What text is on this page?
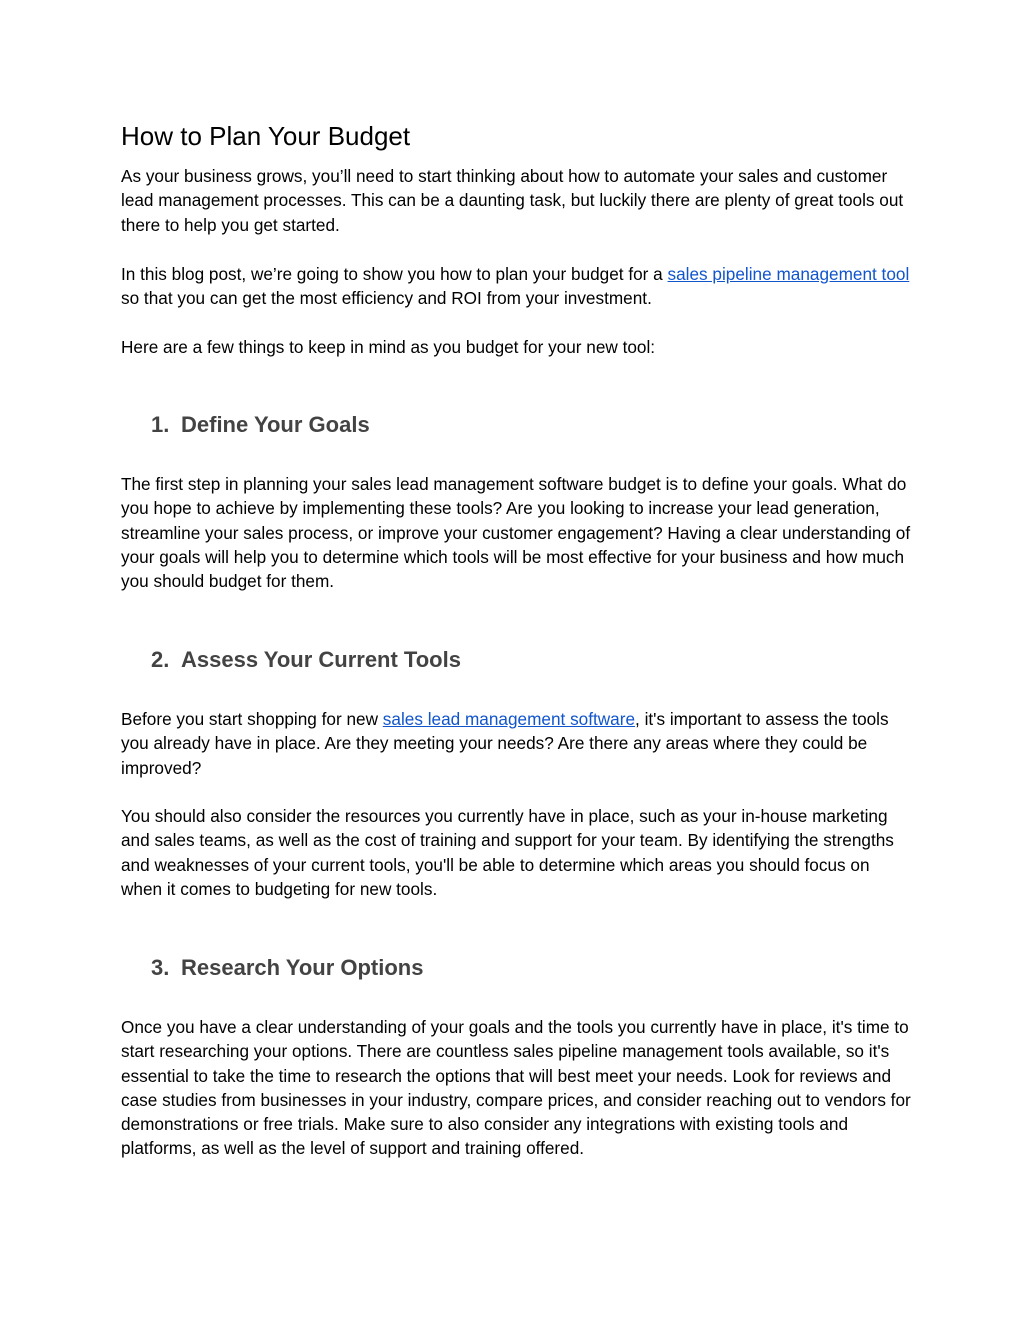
How to Plan Your Budget

As your business grows, you’ll need to start thinking about how to automate your sales and customer lead management processes. This can be a daunting task, but luckily there are plenty of great tools out there to help you get started.

In this blog post, we’re going to show you how to plan your budget for a sales pipeline management tool so that you can get the most efficiency and ROI from your investment.

Here are a few things to keep in mind as you budget for your new tool:

1. Define Your Goals

The first step in planning your sales lead management software budget is to define your goals. What do you hope to achieve by implementing these tools? Are you looking to increase your lead generation, streamline your sales process, or improve your customer engagement? Having a clear understanding of your goals will help you to determine which tools will be most effective for your business and how much you should budget for them.

2. Assess Your Current Tools

Before you start shopping for new sales lead management software, it's important to assess the tools you already have in place. Are they meeting your needs? Are there any areas where they could be improved?

You should also consider the resources you currently have in place, such as your in-house marketing and sales teams, as well as the cost of training and support for your team. By identifying the strengths and weaknesses of your current tools, you'll be able to determine which areas you should focus on when it comes to budgeting for new tools.

3. Research Your Options

Once you have a clear understanding of your goals and the tools you currently have in place, it's time to start researching your options. There are countless sales pipeline management tools available, so it's essential to take the time to research the options that will best meet your needs. Look for reviews and case studies from businesses in your industry, compare prices, and consider reaching out to vendors for demonstrations or free trials. Make sure to also consider any integrations with existing tools and platforms, as well as the level of support and training offered.
